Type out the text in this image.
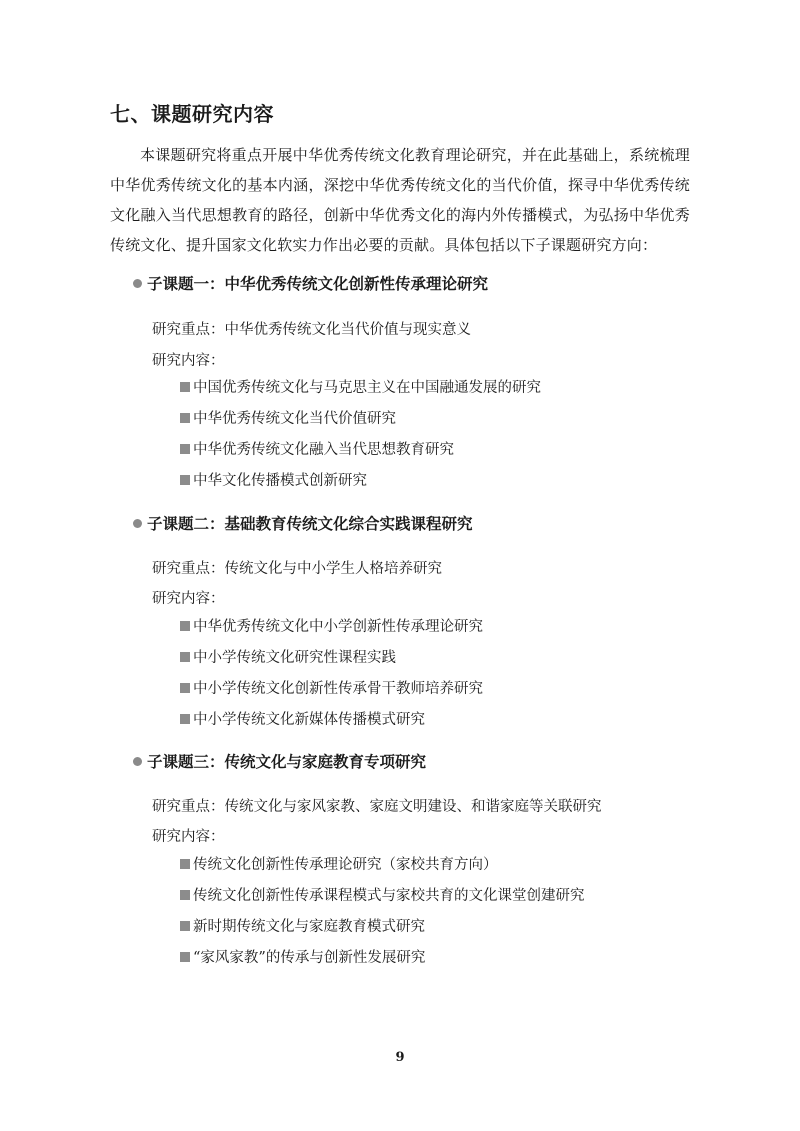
七、课题研究内容

本课题研究将重点开展中华优秀传统文化教育理论研究，并在此基础上，系统梳理中华优秀传统文化的基本内涵，深挖中华优秀传统文化的当代价值，探寻中华优秀传统文化融入当代思想教育的路径，创新中华优秀文化的海内外传播模式，为弘扬中华优秀传统文化、提升国家文化软实力作出必要的贡献。具体包括以下子课题研究方向：

子课题一：中华优秀传统文化创新性传承理论研究

研究重点：中华优秀传统文化当代价值与现实意义

研究内容：

中国优秀传统文化与马克思主义在中国融通发展的研究
中华优秀传统文化当代价值研究
中华优秀传统文化融入当代思想教育研究
中华文化传播模式创新研究
子课题二：基础教育传统文化综合实践课程研究

研究重点：传统文化与中小学生人格培养研究

研究内容：

中华优秀传统文化中小学创新性传承理论研究
中小学传统文化研究性课程实践
中小学传统文化创新性传承骨干教师培养研究
中小学传统文化新媒体传播模式研究
子课题三：传统文化与家庭教育专项研究

研究重点：传统文化与家风家教、家庭文明建设、和谐家庭等关联研究

研究内容：

传统文化创新性传承理论研究（家校共育方向）
传统文化创新性传承课程模式与家校共育的文化课堂创建研究
新时期传统文化与家庭教育模式研究
“家风家教”的传承与创新性发展研究

9
